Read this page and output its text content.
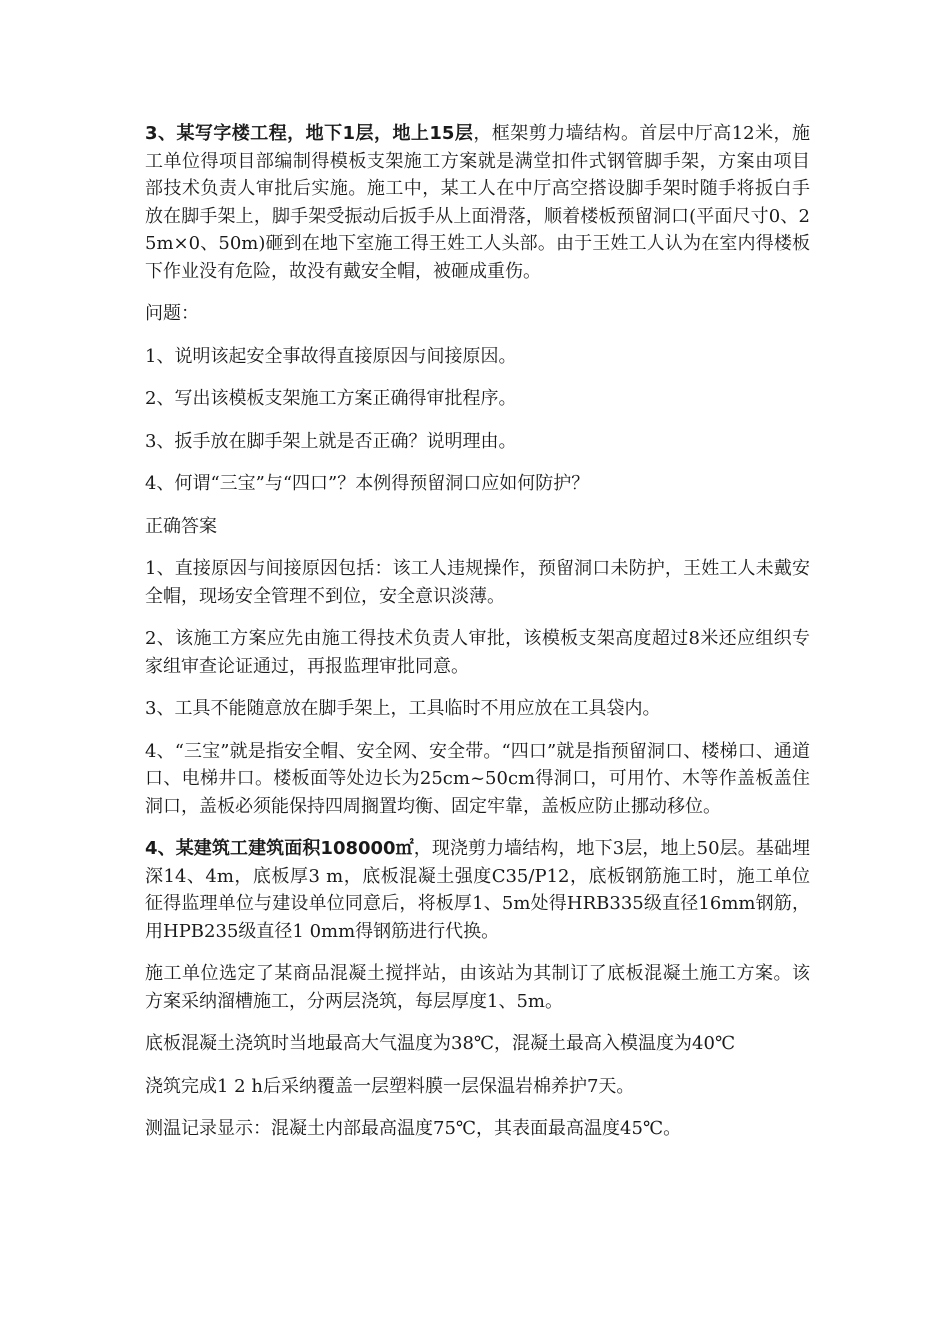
3、某写字楼工程，地下1层，地上15层，框架剪力墙结构。首层中厅高12米，施工单位得项目部编制得模板支架施工方案就是满堂扣件式钢管脚手架，方案由项目部技术负责人审批后实施。施工中，某工人在中厅高空搭设脚手架时随手将扳白手放在脚手架上，脚手架受振动后扳手从上面滑落，顺着楼板预留洞口(平面尺寸0、25m×0、50m)砸到在地下室施工得王姓工人头部。由于王姓工人认为在室内得楼板下作业没有危险，故没有戴安全帽，被砸成重伤。

问题：

1、说明该起安全事故得直接原因与间接原因。

2、写出该模板支架施工方案正确得审批程序。

3、扳手放在脚手架上就是否正确？说明理由。

4、何谓“三宝”与“四口”？本例得预留洞口应如何防护？

正确答案

1、直接原因与间接原因包括：该工人违规操作，预留洞口未防护，王姓工人未戴安全帽，现场安全管理不到位，安全意识淡薄。

2、该施工方案应先由施工得技术负责人审批，该模板支架高度超过8米还应组织专家组审查论证通过，再报监理审批同意。

3、工具不能随意放在脚手架上，工具临时不用应放在工具袋内。

4、“三宝”就是指安全帽、安全网、安全带。“四口”就是指预留洞口、楼梯口、通道口、电梯井口。楼板面等处边长为25cm~50cm得洞口，可用竹、木等作盖板盖住洞口，盖板必须能保持四周搁置均衡、固定牢靠，盖板应防止挪动移位。

4、某建筑工建筑面积108000㎡，现浇剪力墙结构，地下3层，地上50层。基础埋深14、4m，底板厚3 m，底板混凝土强度C35/P12，底板钢筋施工时，施工单位征得监理单位与建设单位同意后，将板厚1、5m处得HRB335级直径16mm钢筋，用HPB235级直径1 0mm得钢筋进行代换。

施工单位选定了某商品混凝土搅拌站，由该站为其制订了底板混凝土施工方案。该方案采纳溜槽施工，分两层浇筑，每层厚度1、5m。

底板混凝土浇筑时当地最高大气温度为38℃，混凝土最高入模温度为40℃

浇筑完成1 2 h后采纳覆盖一层塑料膜一层保温岩棉养护7天。

测温记录显示：混凝土内部最高温度75℃，其表面最高温度45℃。
